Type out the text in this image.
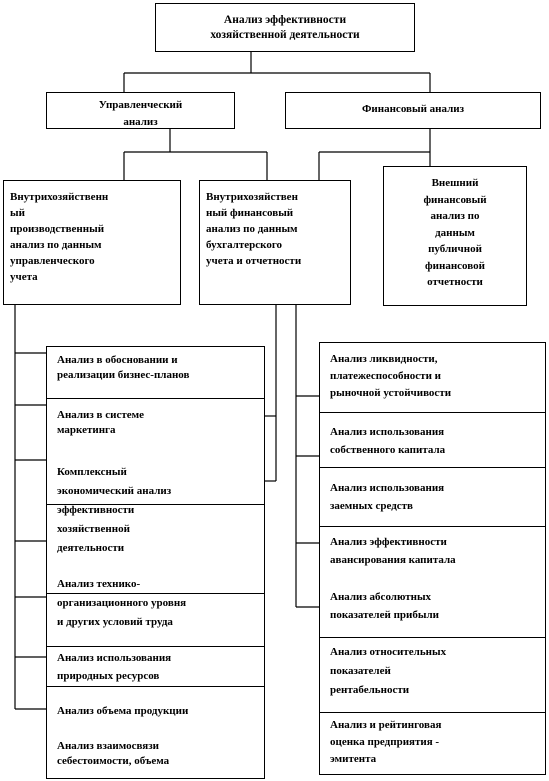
Анализ эффективности
хозяйственной деятельности
Управленческий
анализ
Финансовый анализ
Внутрихозяйственн
ый
производственный
анализ по данным
управленческого
учета
Внутрихозяйствен
ный финансовый
анализ по данным
бухгалтерского
учета и отчетности
Внешний
финансовый
анализ по
данным
публичной
финансовой
отчетности
Анализ в обосновании и
реализации бизнес-планов
Анализ в системе
маркетинга
Комплексный
экономический анализ
эффективности
хозяйственной
деятельности
Анализ технико-
организационного уровня
и других условий труда
Анализ использования
природных ресурсов
Анализ объема продукции
Анализ взаимосвязи
себестоимости, объема
Анализ ликвидности,
платежеспособности и
рыночной устойчивости
Анализ использования
собственного капитала
Анализ использования
заемных средств
Анализ эффективности
авансирования капитала
Анализ абсолютных
показателей прибыли
Анализ относительных
показателей
рентабельности
Анализ и рейтинговая
оценка предприятия -
эмитента
